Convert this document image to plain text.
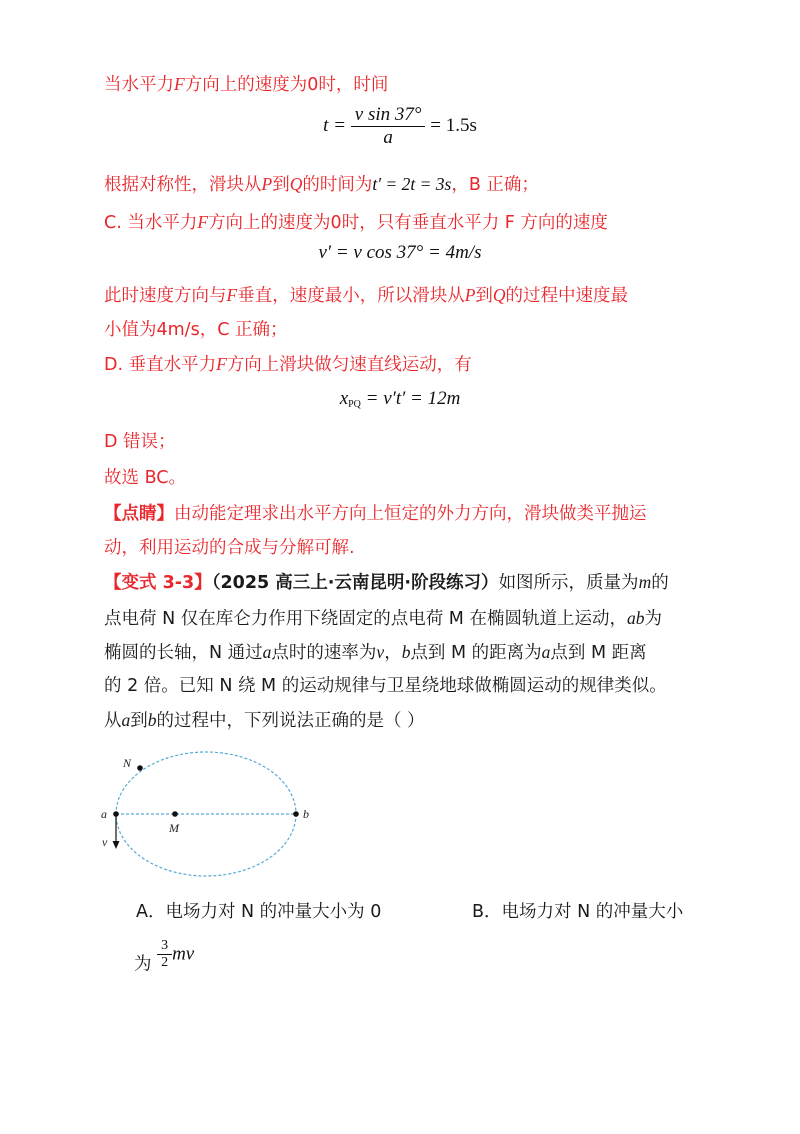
当水平力F方向上的速度为0时，时间
$t = \frac{\text{v sin 37°}}{a} = 1.5s$
根据对称性，滑块从P到Q的时间为t′ = 2t = 3s，B 正确；
C. 当水平力F方向上的速度为0时，只有垂直水平力 F 方向的速度
v′ = v cos 37° = 4m/s
此时速度方向与F垂直，速度最小，所以滑块从P到Q的过程中速度最
小值为4m/s，C 正确；
D. 垂直水平力F方向上滑块做匀速直线运动，有
$x_{PQ} = v't' = 12m$
D 错误；
故选 BC。
【点睛】由动能定理求出水平方向上恒定的外力方向，滑块做类平抛运
动，利用运动的合成与分解可解.
【变式 3-3】（2025 高三上·云南昆明·阶段练习）如图所示，质量为m的
点电荷 N 仅在库仑力作用下绕固定的点电荷 M 在椭圆轨道上运动，ab为
椭圆的长轴，N 通过a点时的速率为v，b点到 M 的距离为a点到 M 距离
的 2 倍。已知 N 绕 M 的运动规律与卫星绕地球做椭圆运动的规律类似。
从a到b的过程中，下列说法正确的是（ ）
N
a
M
b
v
A．电场力对 N 的冲量大小为 0	B．电场力对 N 的冲量大小
为 $\frac{3}{2}$ mv
